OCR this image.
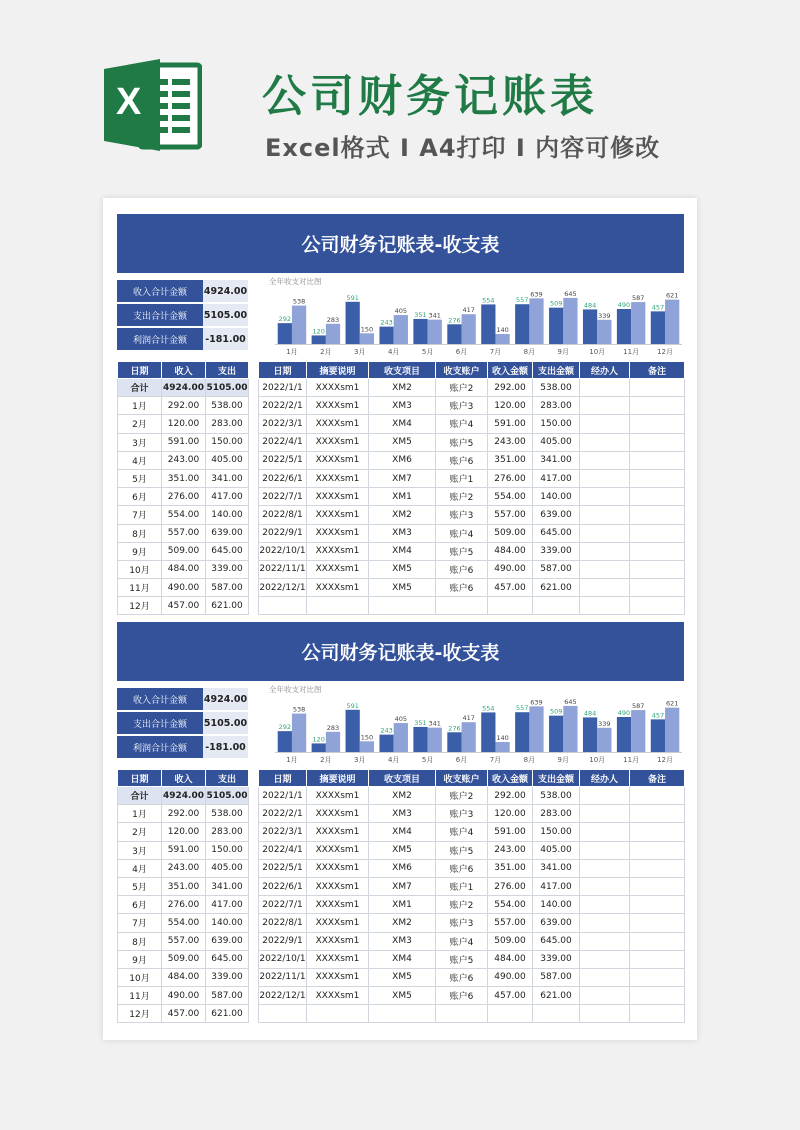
X	公司财务记账表
Excel格式 I A4打印 I 内容可修改
公司财务记账表-收支表
收入合计金额	4924.00
支出合计金额	5105.00
利润合计金额	-181.00
全年收支对比图
292
538
1月
120
283
2月
591
150
3月
243
405
4月
351 341
5月
276
417
6月
554
140
7月
557
639
8月
509
645
9月
484
339
10月
490
587
11月
457
621
12月
日期	收入	支出
合计	4924.00	5105.00
1月	292.00	538.00
2月	120.00	283.00
3月	591.00	150.00
4月	243.00	405.00
5月	351.00	341.00
6月	276.00	417.00
7月	554.00	140.00
8月	557.00	639.00
9月	509.00	645.00
10月	484.00	339.00
11月	490.00	587.00
12月	457.00	621.00
日期	摘要说明	收支项目	收支账户	收入金额	支出金额	经办人	备注
2022/1/1	XXXXsm1	XM2	账户2	292.00	538.00		
2022/2/1	XXXXsm1	XM3	账户3	120.00	283.00		
2022/3/1	XXXXsm1	XM4	账户4	591.00	150.00		
2022/4/1	XXXXsm1	XM5	账户5	243.00	405.00		
2022/5/1	XXXXsm1	XM6	账户6	351.00	341.00		
2022/6/1	XXXXsm1	XM7	账户1	276.00	417.00		
2022/7/1	XXXXsm1	XM1	账户2	554.00	140.00		
2022/8/1	XXXXsm1	XM2	账户3	557.00	639.00		
2022/9/1	XXXXsm1	XM3	账户4	509.00	645.00		
2022/10/1	XXXXsm1	XM4	账户5	484.00	339.00		
2022/11/1	XXXXsm1	XM5	账户6	490.00	587.00		
2022/12/1	XXXXsm1	XM5	账户6	457.00	621.00		

公司财务记账表-收支表
收入合计金额	4924.00
支出合计金额	5105.00
利润合计金额	-181.00
全年收支对比图
292
538
1月
120
283
2月
591
150
3月
243
405
4月
351 341
5月
276
417
6月
554
140
7月
557
639
8月
509
645
9月
484
339
10月
490
587
11月
457
621
12月
日期	收入	支出
合计	4924.00	5105.00
1月	292.00	538.00
2月	120.00	283.00
3月	591.00	150.00
4月	243.00	405.00
5月	351.00	341.00
6月	276.00	417.00
7月	554.00	140.00
8月	557.00	639.00
9月	509.00	645.00
10月	484.00	339.00
11月	490.00	587.00
12月	457.00	621.00
日期	摘要说明	收支项目	收支账户	收入金额	支出金额	经办人	备注
2022/1/1	XXXXsm1	XM2	账户2	292.00	538.00		
2022/2/1	XXXXsm1	XM3	账户3	120.00	283.00		
2022/3/1	XXXXsm1	XM4	账户4	591.00	150.00		
2022/4/1	XXXXsm1	XM5	账户5	243.00	405.00		
2022/5/1	XXXXsm1	XM6	账户6	351.00	341.00		
2022/6/1	XXXXsm1	XM7	账户1	276.00	417.00		
2022/7/1	XXXXsm1	XM1	账户2	554.00	140.00		
2022/8/1	XXXXsm1	XM2	账户3	557.00	639.00		
2022/9/1	XXXXsm1	XM3	账户4	509.00	645.00		
2022/10/1	XXXXsm1	XM4	账户5	484.00	339.00		
2022/11/1	XXXXsm1	XM5	账户6	490.00	587.00		
2022/12/1	XXXXsm1	XM5	账户6	457.00	621.00		
